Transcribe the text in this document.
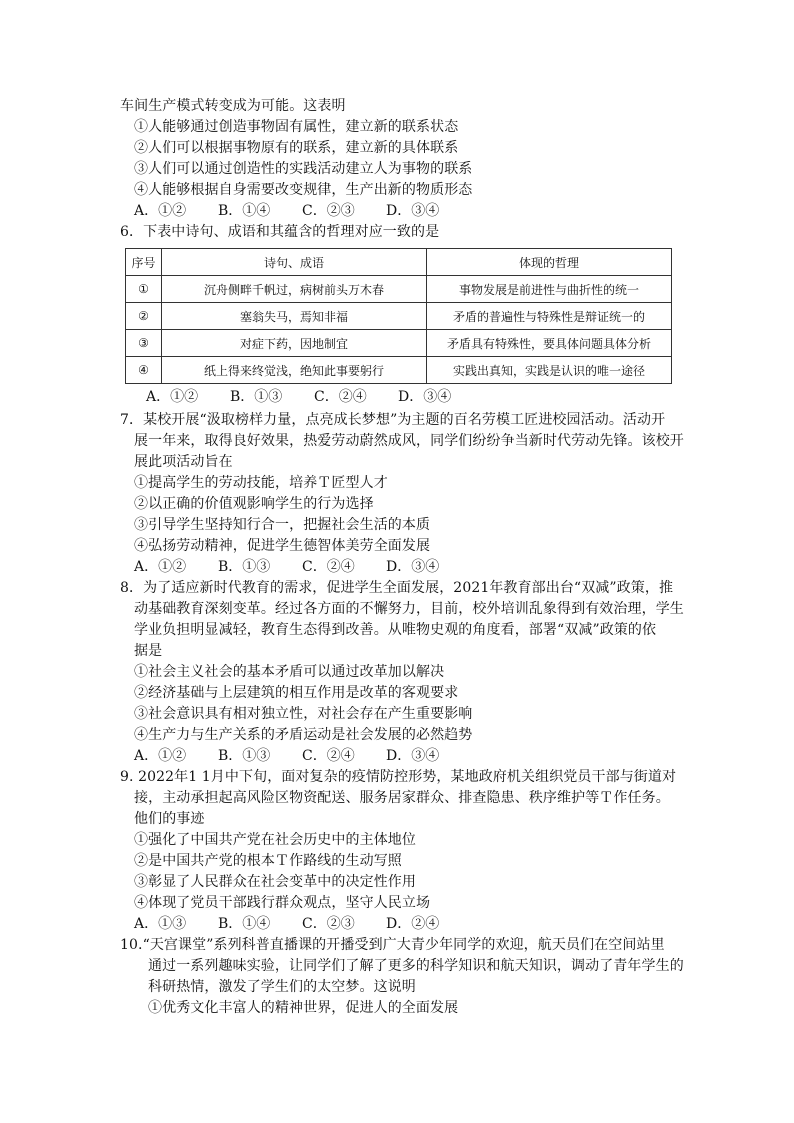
车间生产模式转变成为可能。这表明
①人能够通过创造事物固有属性，建立新的联系状态
②人们可以根据事物原有的联系，建立新的具体联系
③人们可以通过创造性的实践活动建立人为事物的联系
④人能够根据自身需要改变规律，生产出新的物质形态
A．①② B．①④ C．②③ D．③④
6．下表中诗句、成语和其蕴含的哲理对应一致的是
序号	诗句、成语	体现的哲理
①	沉舟侧畔千帆过，病树前头万木春	事物发展是前进性与曲折性的统一
②	塞翁失马，焉知非福	矛盾的普遍性与特殊性是辩证统一的
③	对症下药，因地制宜	矛盾具有特殊性，要具体问题具体分析
④	纸上得来终觉浅，绝知此事要躬行	实践出真知，实践是认识的唯一途径
A．①② B．①③ C．②④ D．③④
7．某校开展“汲取榜样力量，点亮成长梦想”为主题的百名劳模工匠进校园活动。活动开
展一年来，取得良好效果，热爱劳动蔚然成风，同学们纷纷争当新时代劳动先锋。该校开
展此项活动旨在
①提高学生的劳动技能，培养Ｔ匠型人才
②以正确的价值观影响学生的行为选择
③引导学生坚持知行合一，把握社会生活的本质
④弘扬劳动精神，促进学生德智体美劳全面发展
A．①② B．①③ C．②④ D．③④
8．为了适应新时代教育的需求，促进学生全面发展，2021年教育部出台“双减”政策，推
动基础教育深刻变革。经过各方面的不懈努力，目前，校外培训乱象得到有效治理，学生
学业负担明显减轻，教育生态得到改善。从唯物史观的角度看，部署“双减”政策的依
据是
①社会主义社会的基本矛盾可以通过改革加以解决
②经济基础与上层建筑的相互作用是改革的客观要求
③社会意识具有相对独立性，对社会存在产生重要影响
④生产力与生产关系的矛盾运动是社会发展的必然趋势
A．①② B．①③ C．②④ D．③④
9. 2022年1 1月中下旬，面对复杂的疫情防控形势，某地政府机关组织党员干部与街道对
接，主动承担起高风险区物资配送、服务居家群众、排查隐患、秩序维护等Ｔ作任务。
他们的事迹
①强化了中国共产党在社会历史中的主体地位
②是中国共产党的根本Ｔ作路线的生动写照
③彰显了人民群众在社会变革中的决定性作用
④体现了党员干部践行群众观点，坚守人民立场
A．①③ B．①④ C．②③ D．②④
10.“天宫课堂”系列科普直播课的开播受到广大青少年同学的欢迎，航天员们在空间站里
通过一系列趣味实验，让同学们了解了更多的科学知识和航天知识，调动了青年学生的
科研热情，激发了学生们的太空梦。这说明
①优秀文化丰富人的精神世界，促进人的全面发展
